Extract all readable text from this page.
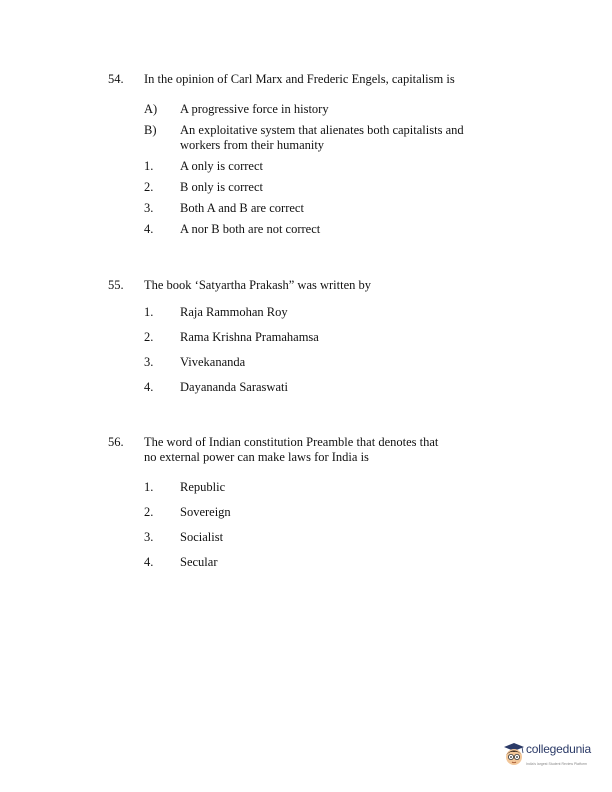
54. In the opinion of Carl Marx and Frederic Engels, capitalism is
A) A progressive force in history
B) An exploitative system that alienates both capitalists and workers from their humanity
1. A only is correct
2. B only is correct
3. Both A and B are correct
4. A nor B both are not correct
55. The book ‘Satyartha Prakash” was written by
1. Raja Rammohan Roy
2. Rama Krishna Pramahamsa
3. Vivekananda
4. Dayananda Saraswati
56. The word of Indian constitution Preamble that denotes that no external power can make laws for India is
1. Republic
2. Sovereign
3. Socialist
4. Secular
collegedunia
India's largest Student Review Platform
